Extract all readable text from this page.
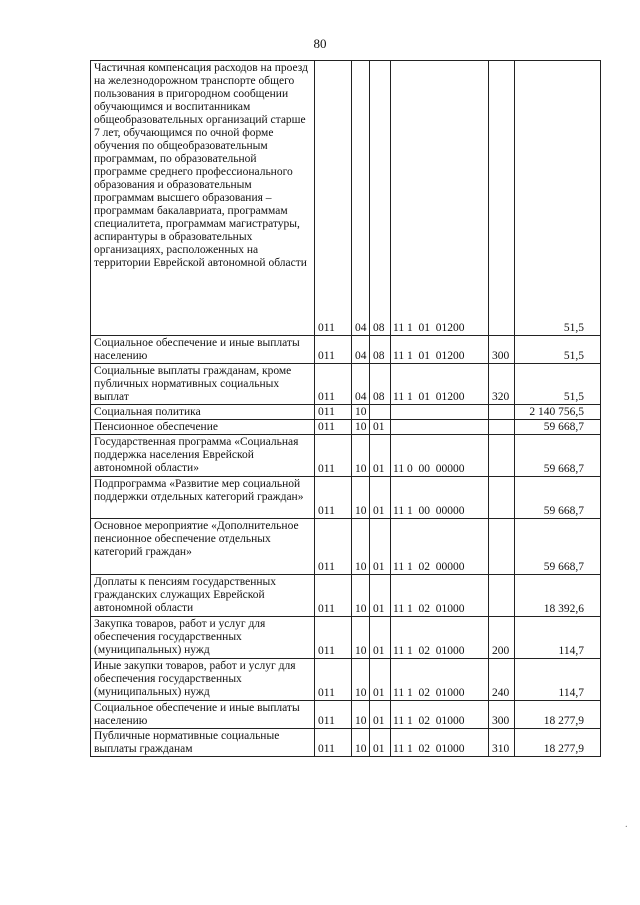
80
Частичная компенсация расходов на проезд на железнодорожном транспорте общего пользования в пригородном сообщении обучающимся и воспитанникам общеобразовательных организаций старше 7 лет, обучающимся по очной форме обучения по общеобразовательным программам, по образовательной программе среднего профессионального образования и образовательным программам высшего образования – программам бакалавриата, программам специалитета, программам магистратуры, аспирантуры в образовательных организациях, расположенных на территории Еврейской автономной области	011	04	08	11 1  01  01200		51,5
Социальное обеспечение и иные выплаты населению	011	04	08	11 1  01  01200	300	51,5
Социальные выплаты гражданам, кроме публичных нормативных социальных выплат	011	04	08	11 1  01  01200	320	51,5
Социальная политика	011	10				2 140 756,5
Пенсионное обеспечение	011	10	01			59 668,7
Государственная программа «Социальная поддержка населения Еврейской автономной области»	011	10	01	11 0  00  00000		59 668,7
Подпрограмма «Развитие мер социальной поддержки отдельных категорий граждан»	011	10	01	11 1  00  00000		59 668,7
Основное мероприятие «Дополнительное пенсионное обеспечение отдельных категорий граждан»	011	10	01	11 1  02  00000		59 668,7
Доплаты к пенсиям государственных гражданских служащих Еврейской автономной области	011	10	01	11 1  02  01000		18 392,6
Закупка товаров, работ и услуг для обеспечения государственных (муниципальных) нужд	011	10	01	11 1  02  01000	200	114,7
Иные закупки товаров, работ и услуг для обеспечения государственных (муниципальных) нужд	011	10	01	11 1  02  01000	240	114,7
Социальное обеспечение и иные выплаты населению	011	10	01	11 1  02  01000	300	18 277,9
Публичные нормативные социальные выплаты гражданам	011	10	01	11 1  02  01000	310	18 277,9
·
